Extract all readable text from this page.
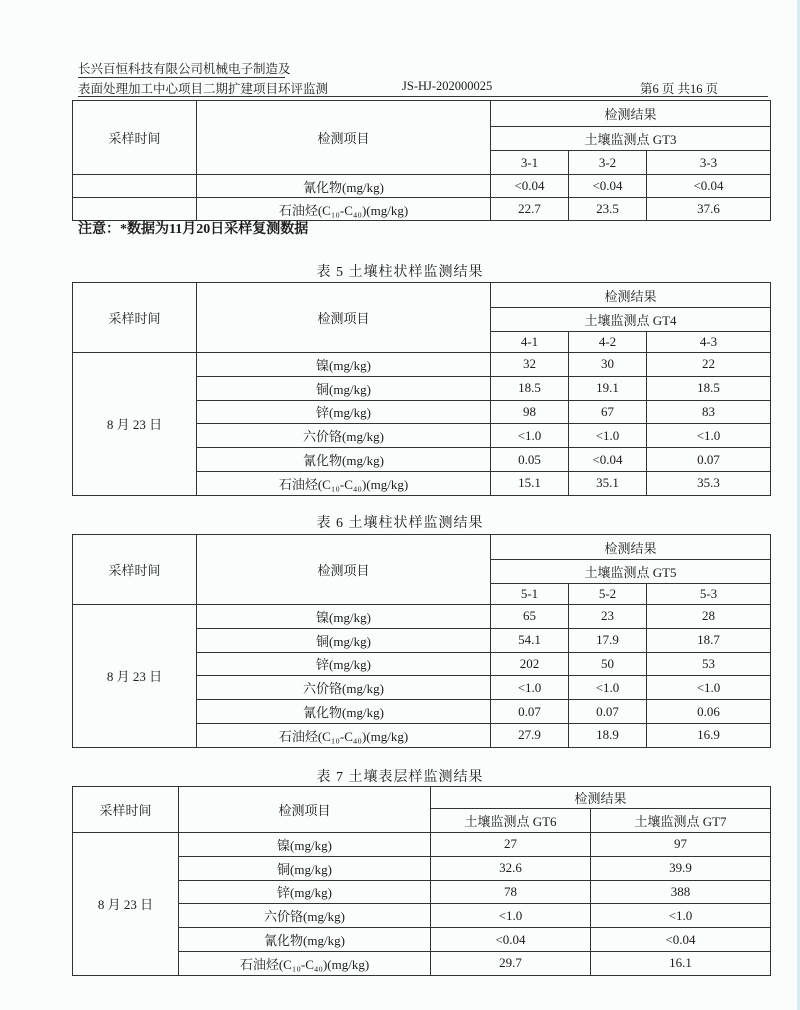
长兴百恒科技有限公司机械电子制造及
表面处理加工中心项目二期扩建项目环评监测	JS-HJ-202000025	第6 页 共16 页
采样时间	检测项目	检测结果		
		土壤监测点 GT3		
		3-1	3-2	3-3
	氰化物(mg/kg)	<0.04	<0.04	<0.04
	石油烃(C₁₀-C₄₀)(mg/kg)	22.7	23.5	37.6
注意：*数据为11月20日采样复测数据
表 5 土壤柱状样监测结果
采样时间	检测项目	检测结果		
		土壤监测点 GT4		
		4-1	4-2	4-3
8 月 23 日	镍(mg/kg)	32	30	22
	铜(mg/kg)	18.5	19.1	18.5
	锌(mg/kg)	98	67	83
	六价铬(mg/kg)	<1.0	<1.0	<1.0
	氰化物(mg/kg)	0.05	<0.04	0.07
	石油烃(C₁₀-C₄₀)(mg/kg)	15.1	35.1	35.3
表 6 土壤柱状样监测结果
采样时间	检测项目	检测结果		
		土壤监测点 GT5		
		5-1	5-2	5-3
8 月 23 日	镍(mg/kg)	65	23	28
	铜(mg/kg)	54.1	17.9	18.7
	锌(mg/kg)	202	50	53
	六价铬(mg/kg)	<1.0	<1.0	<1.0
	氰化物(mg/kg)	0.07	0.07	0.06
	石油烃(C₁₀-C₄₀)(mg/kg)	27.9	18.9	16.9
表 7 土壤表层样监测结果
采样时间	检测项目	检测结果	
		土壤监测点 GT6	土壤监测点 GT7
8 月 23 日	镍(mg/kg)	27	97
	铜(mg/kg)	32.6	39.9
	锌(mg/kg)	78	388
	六价铬(mg/kg)	<1.0	<1.0
	氰化物(mg/kg)	<0.04	<0.04
	石油烃(C₁₀-C₄₀)(mg/kg)	29.7	16.1
